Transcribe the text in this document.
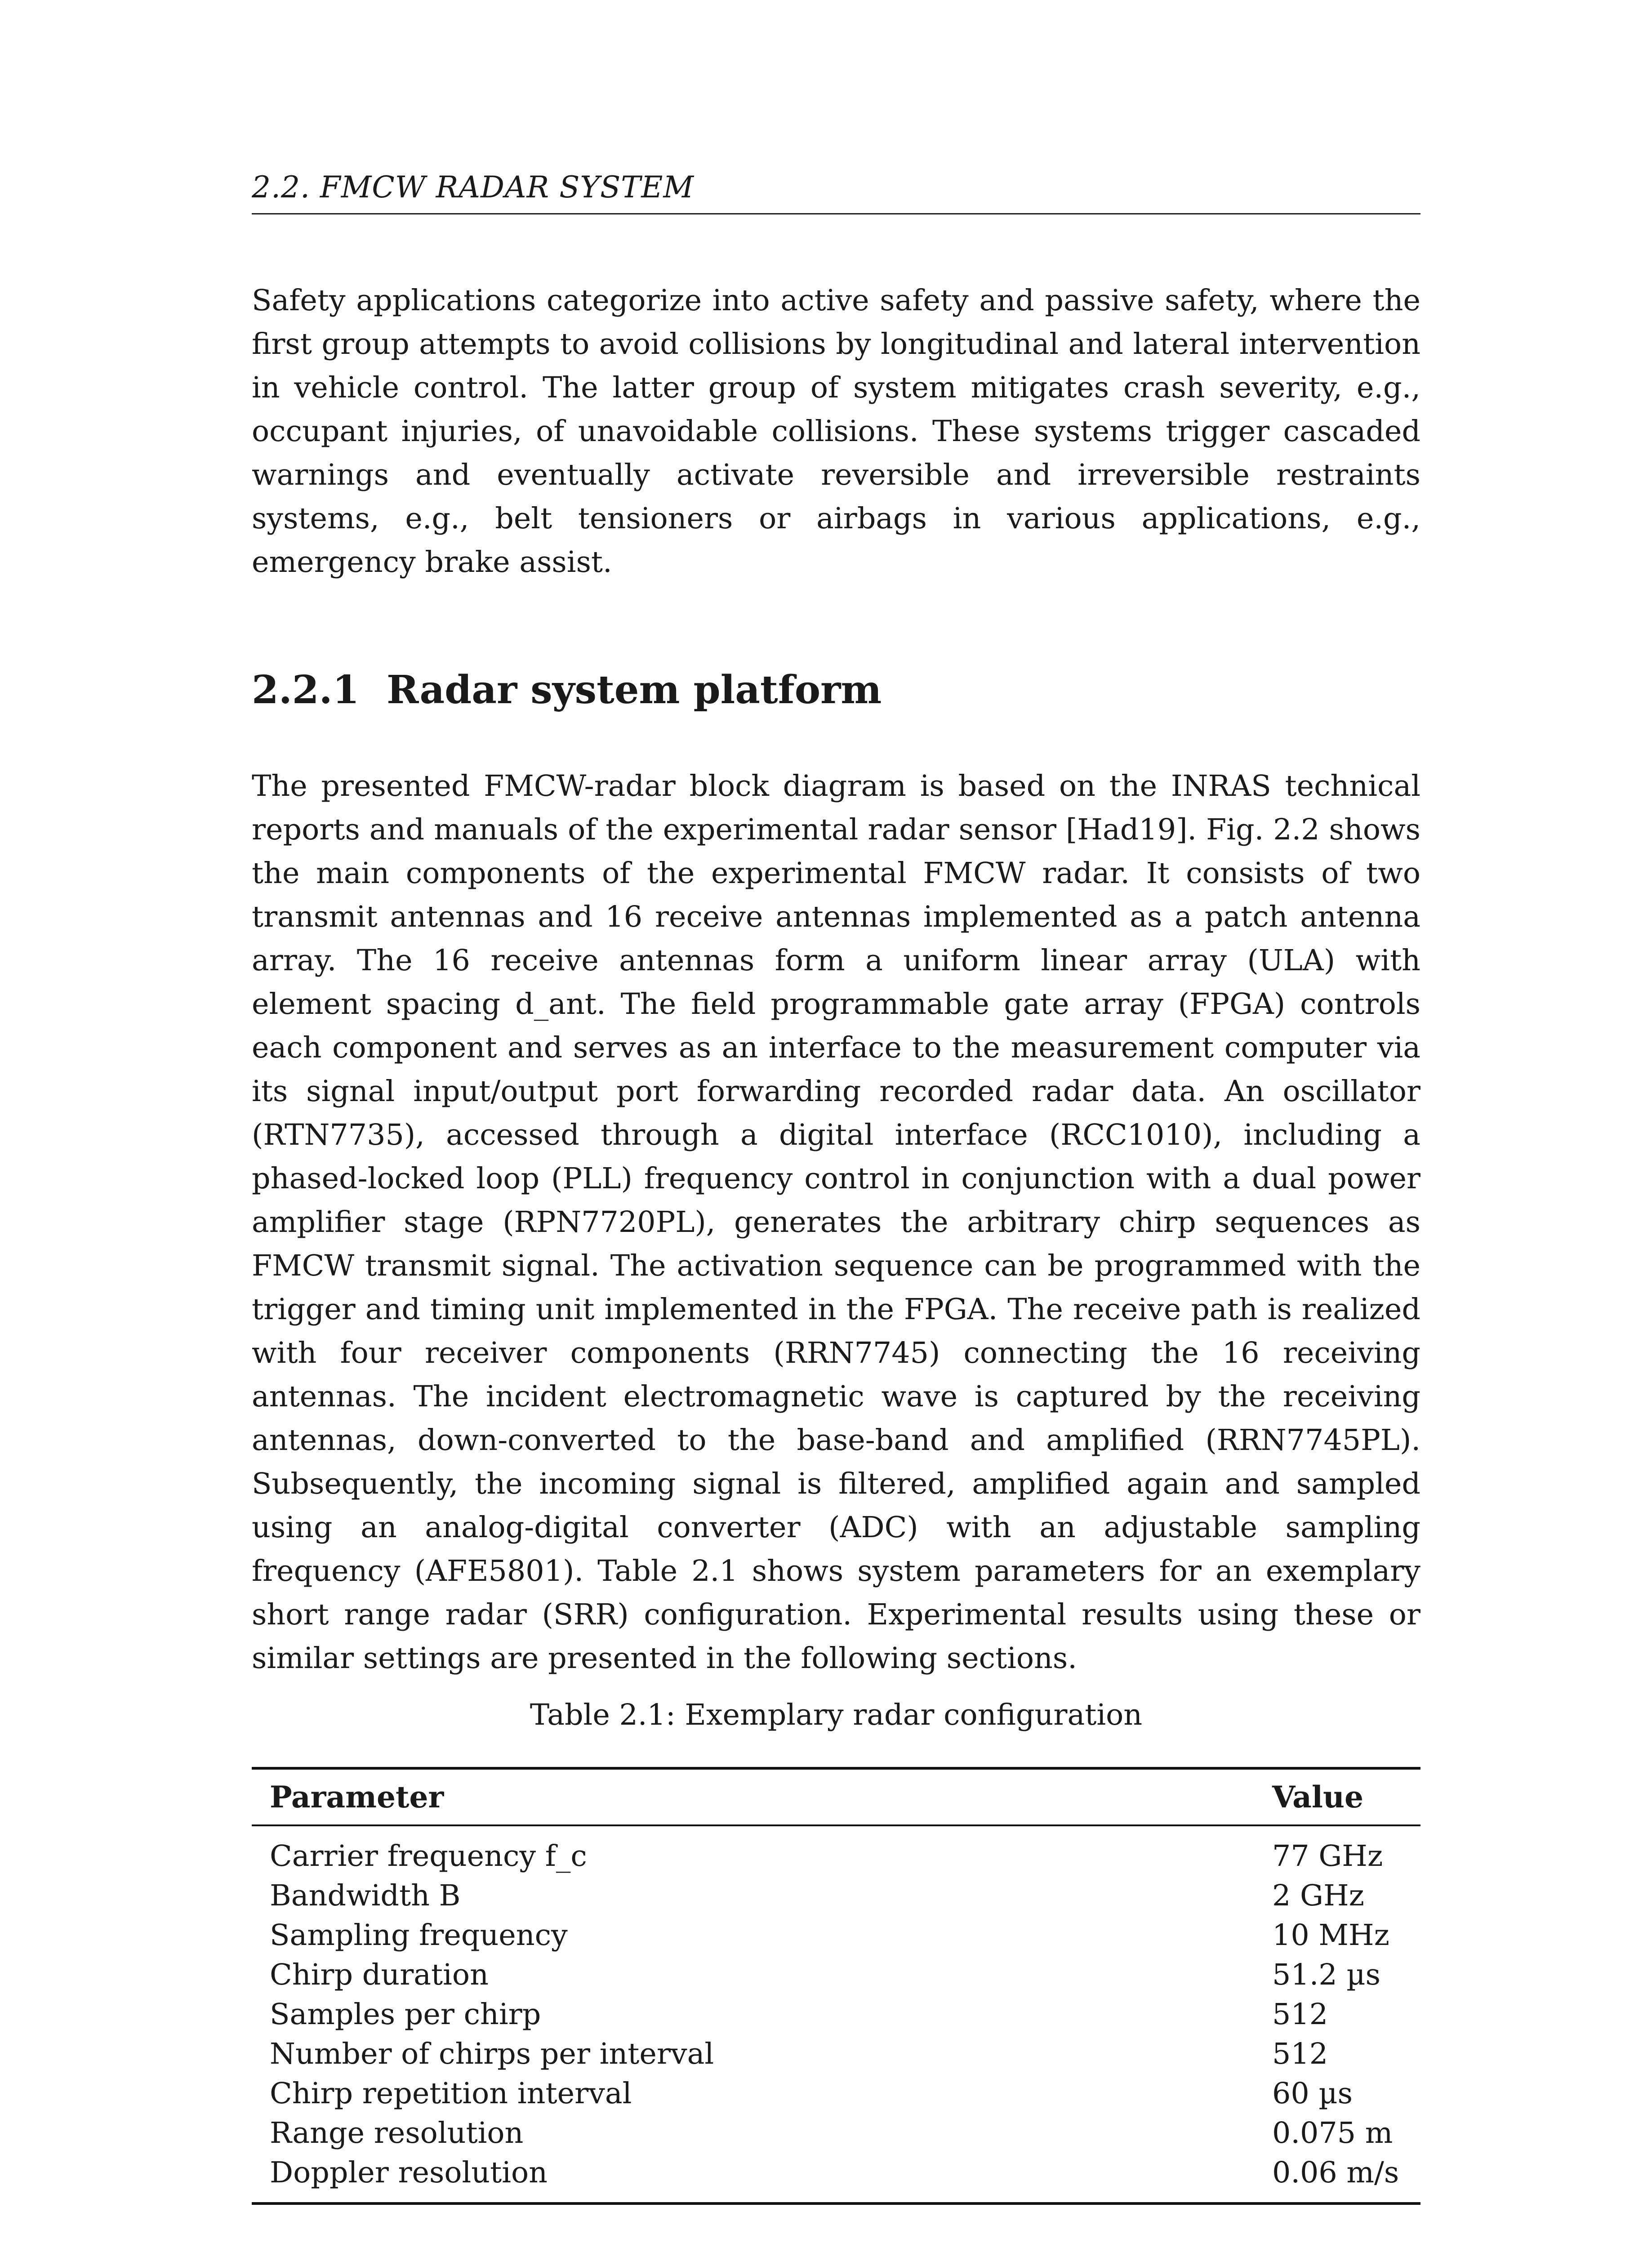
2.2. FMCW RADAR SYSTEM
Safety applications categorize into active safety and passive safety, where the first group attempts to avoid collisions by longitudinal and lateral intervention in vehicle control. The latter group of system mitigates crash severity, e.g., occupant injuries, of unavoidable collisions. These systems trigger cascaded warnings and eventually activate reversible and irreversible restraints systems, e.g., belt tensioners or airbags in various applications, e.g., emergency brake assist.
2.2.1 Radar system platform
The presented FMCW-radar block diagram is based on the INRAS technical reports and manuals of the experimental radar sensor [Had19]. Fig. 2.2 shows the main components of the experimental FMCW radar. It consists of two transmit antennas and 16 receive antennas implemented as a patch antenna array. The 16 receive antennas form a uniform linear array (ULA) with element spacing d_ant. The field programmable gate array (FPGA) controls each component and serves as an interface to the measurement computer via its signal input/output port forwarding recorded radar data. An oscillator (RTN7735), accessed through a digital interface (RCC1010), including a phased-locked loop (PLL) frequency control in conjunction with a dual power amplifier stage (RPN7720PL), generates the arbitrary chirp sequences as FMCW transmit signal. The activation sequence can be programmed with the trigger and timing unit implemented in the FPGA. The receive path is realized with four receiver components (RRN7745) connecting the 16 receiving antennas. The incident electromagnetic wave is captured by the receiving antennas, down-converted to the base-band and amplified (RRN7745PL). Subsequently, the incoming signal is filtered, amplified again and sampled using an analog-digital converter (ADC) with an adjustable sampling frequency (AFE5801). Table 2.1 shows system parameters for an exemplary short range radar (SRR) configuration. Experimental results using these or similar settings are presented in the following sections.
Table 2.1: Exemplary radar configuration
Parameter	Value
Carrier frequency f_c	77 GHz
Bandwidth B	2 GHz
Sampling frequency	10 MHz
Chirp duration	51.2 µs
Samples per chirp	512
Number of chirps per interval	512
Chirp repetition interval	60 µs
Range resolution	0.075 m
Doppler resolution	0.06 m/s
